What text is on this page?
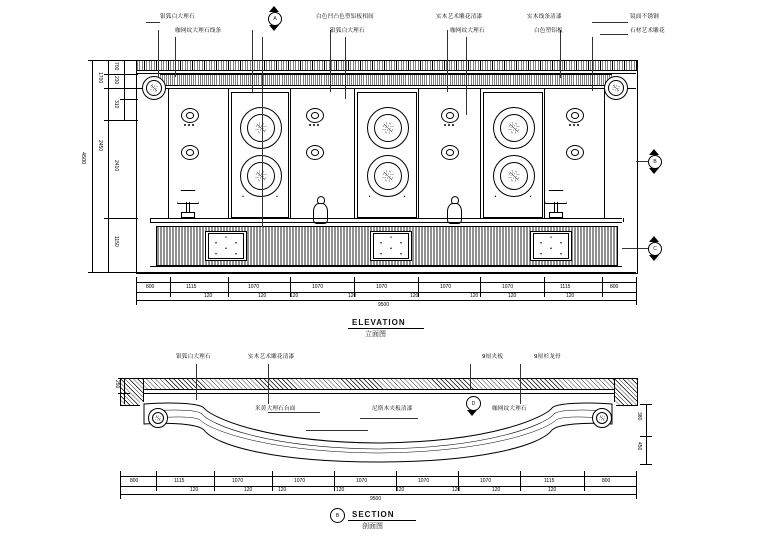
银狐白大理石
咖网纹大理石线条
白色凹凸色塑铝板相间
银狐白大理石
实木艺术雕花清漆
咖网纹大理石
实木线条清漆
白色塑铝板
镜面不锈钢
石材艺术雕花
A
B
C
700
230
1700
310
2450
2410
1150
4500
800	1115	1070	1070	1070	1070	1070	1115	800
120	120	120	120	120	120	120	120
9500
ELEVATION
立面图
银狐白大理石	实木艺术雕花清漆	9厘夹板	9厘杉龙骨
米黄大理石台面	尼斯木夹板清漆	咖网纹大理石
D
250
380
450
800	1115	1070	1070	1070	1070	1070	1115	800
120	120	120	120	120	120	120	120
9500
B SECTION
剖面图
